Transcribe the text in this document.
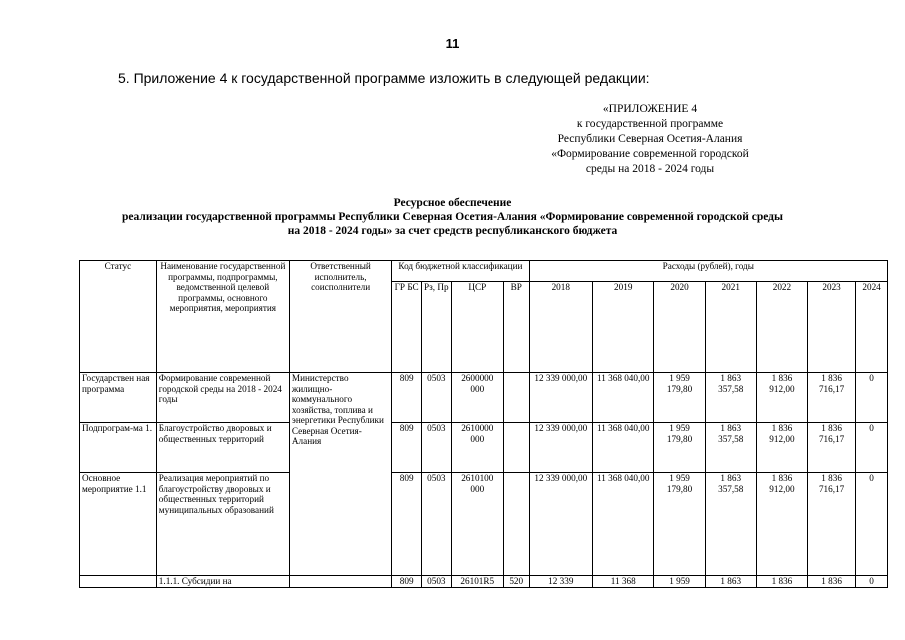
11
5. Приложение 4 к государственной программе изложить в следующей редакции:
«ПРИЛОЖЕНИЕ 4
к государственной программе
Республики Северная Осетия-Алания
«Формирование современной городской
среды на 2018 - 2024 годы
Ресурсное обеспечение
реализации государственной программы Республики Северная Осетия-Алания «Формирование современной городской среды
на 2018 - 2024 годы» за счет средств республиканского бюджета
Статус	Наименование государственной программы, подпрограммы, ведомственной целевой программы, основного мероприятия, мероприятия	Ответственный исполнитель, соисполнители	Код бюджетной классификации				Расходы (рублей), годы						
			ГР БС	Рз, Пр	ЦСР	ВР	2018	2019	2020	2021	2022	2023	2024
Государствен ная программа	Формирование современной городской среды на 2018 - 2024 годы	Министерство жилищно-коммунального хозяйства, топлива и энергетики Республики Северная Осетия-Алания	809	0503	2600000 000		12 339 000,00	11 368 040,00	1 959 179,80	1 863 357,58	1 836 912,00	1 836 716,17	0
Подпрограм-ма 1.	Благоустройство дворовых и общественных территорий		809	0503	2610000 000		12 339 000,00	11 368 040,00	1 959 179,80	1 863 357,58	1 836 912,00	1 836 716,17	0
Основное мероприятие 1.1	Реализация мероприятий по благоустройству дворовых и общественных территорий муниципальных образований		809	0503	2610100 000		12 339 000,00	11 368 040,00	1 959 179,80	1 863 357,58	1 836 912,00	1 836 716,17	0
	1.1.1. Субсидии на		809	0503	26101R5	520	12 339	11 368	1 959	1 863	1 836	1 836	0
